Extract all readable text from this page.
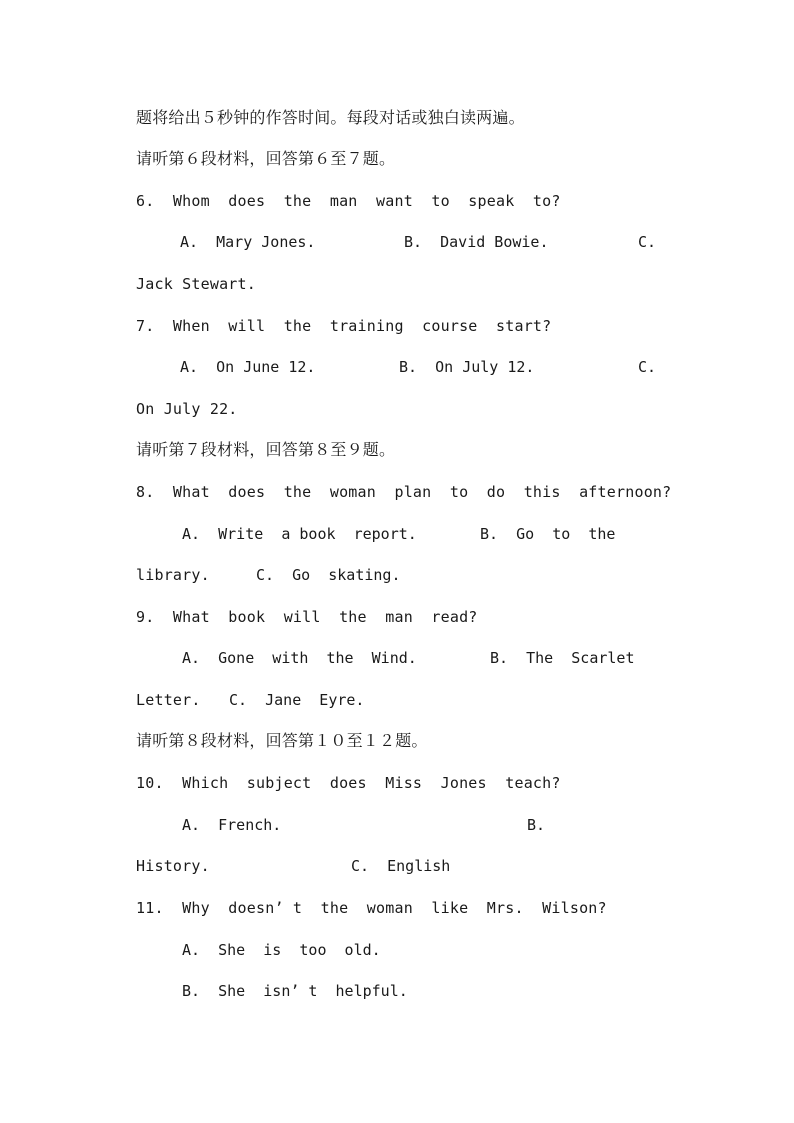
题将给出５秒钟的作答时间。每段对话或独白读两遍。
请听第６段材料，回答第６至７题。
6.  Whom  does  the  man  want  to  speak  to?
A.  Mary Jones.	B.  David Bowie.	C.
Jack Stewart.
7.  When  will  the  training  course  start?
A.  On June 12.	B.  On July 12.	C.
On July 22.
请听第７段材料，回答第８至９题。
8.  What  does  the  woman  plan  to  do  this  afternoon?
A.  Write  a book  report.	B.  Go  to  the
library.	C.  Go  skating.
9.  What  book  will  the  man  read?
A.  Gone  with  the  Wind.	B.  The  Scarlet
Letter. C.  Jane  Eyre.
请听第８段材料，回答第１０至１２题。
10.  Which  subject  does  Miss  Jones  teach?
A.  French.	B.
History.	C.  English
11.  Why  doesn’ t  the  woman  like  Mrs.  Wilson?
A.  She  is  too  old.
B.  She  isn’ t  helpful.
